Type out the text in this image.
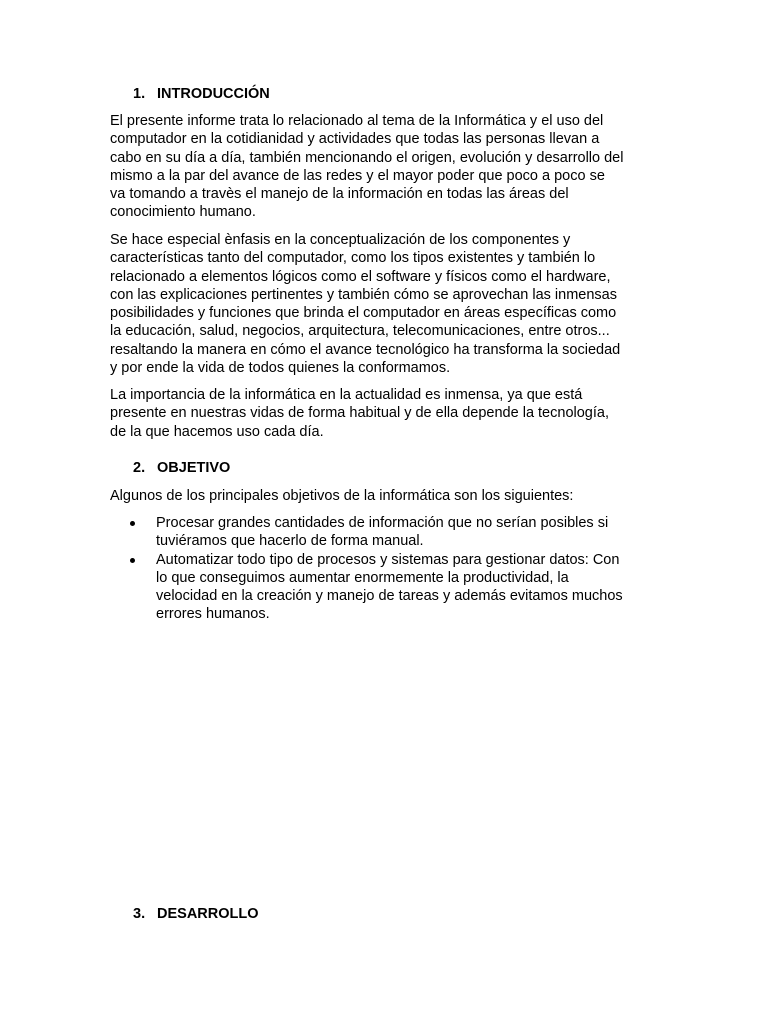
1. INTRODUCCIÓN

El presente informe trata lo relacionado al tema de la Informática y el uso del
computador en la cotidianidad y actividades que todas las personas llevan a
cabo en su día a día, también mencionando el origen, evolución y desarrollo del
mismo a la par del avance de las redes y el mayor poder que poco a poco se
va tomando a travès el manejo de la información en todas las áreas del
conocimiento humano.

Se hace especial ènfasis en la conceptualización de los componentes y
características tanto del computador, como los tipos existentes y también lo
relacionado a elementos lógicos como el software y físicos como el hardware,
con las explicaciones pertinentes y también cómo se aprovechan las inmensas
posibilidades y funciones que brinda el computador en áreas específicas como
la educación, salud, negocios, arquitectura, telecomunicaciones, entre otros...
resaltando la manera en cómo el avance tecnológico ha transforma la sociedad
y por ende la vida de todos quienes la conformamos.

La importancia de la informática en la actualidad es inmensa, ya que está
presente en nuestras vidas de forma habitual y de ella depende la tecnología,
de la que hacemos uso cada día.

2. OBJETIVO

Algunos de los principales objetivos de la informática son los siguientes:

Procesar grandes cantidades de información que no serían posibles si
tuviéramos que hacerlo de forma manual.
Automatizar todo tipo de procesos y sistemas para gestionar datos: Con
lo que conseguimos aumentar enormemente la productividad, la
velocidad en la creación y manejo de tareas y además evitamos muchos
errores humanos.
3. DESARROLLO
